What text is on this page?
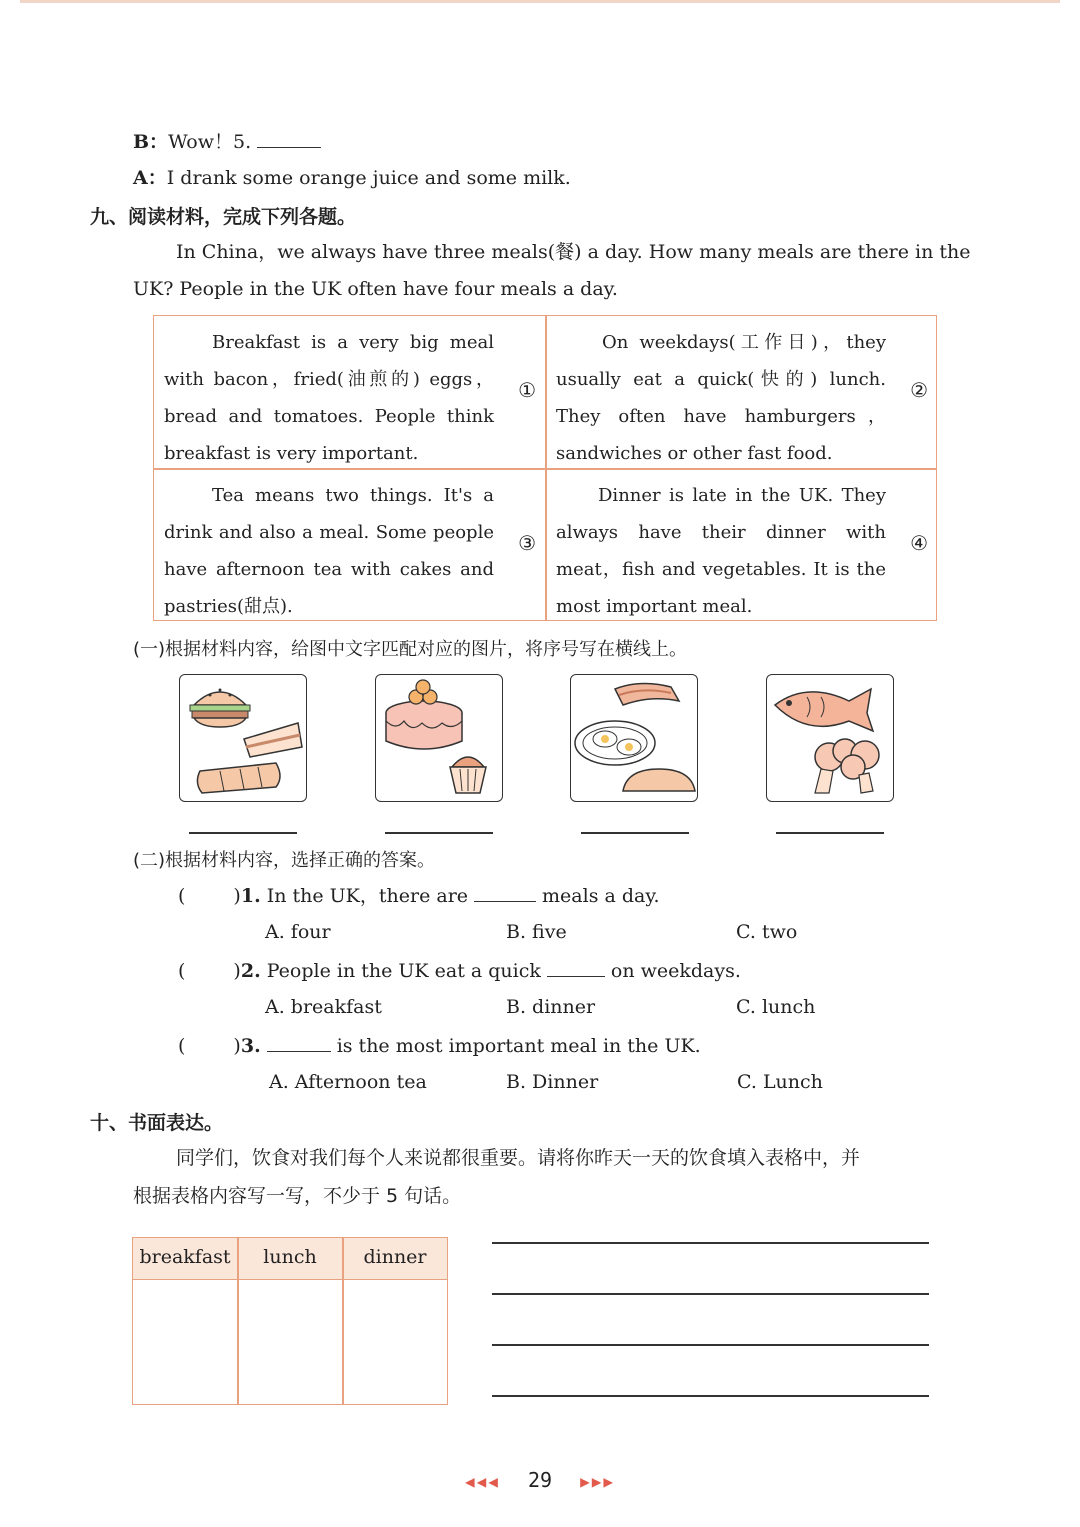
B：Wow！5.
A：I drank some orange juice and some milk.
九、阅读材料，完成下列各题。
In China，we always have three meals(餐) a day. How many meals are there in the
UK? People in the UK often have four meals a day.
Breakfast is a very big meal with bacon，fried(油煎的) eggs，bread and tomatoes. People think breakfast is very important.
①
On weekdays(工作日)，they usually eat a quick(快的) lunch. They often have hamburgers，sandwiches or other fast food.
②
Tea means two things. It's a drink and also a meal. Some people have afternoon tea with cakes and pastries(甜点).
③
Dinner is late in the UK. They always have their dinner with meat，fish and vegetables. It is the most important meal.
④
(一)根据材料内容，给图中文字匹配对应的图片，将序号写在横线上。
(二)根据材料内容，选择正确的答案。
(	)1. In the UK，there are	meals a day.
A. four	B. five	C. two
(	)2. People in the UK eat a quick	on weekdays.
A. breakfast	B. dinner	C. lunch
(	)3.	is the most important meal in the UK.
A. Afternoon tea	B. Dinner	C. Lunch
十、书面表达。
同学们，饮食对我们每个人来说都很重要。请将你昨天一天的饮食填入表格中，并
根据表格内容写一写，不少于 5 句话。
breakfast	lunch	dinner
◀◀◀ 29 ▶▶▶
